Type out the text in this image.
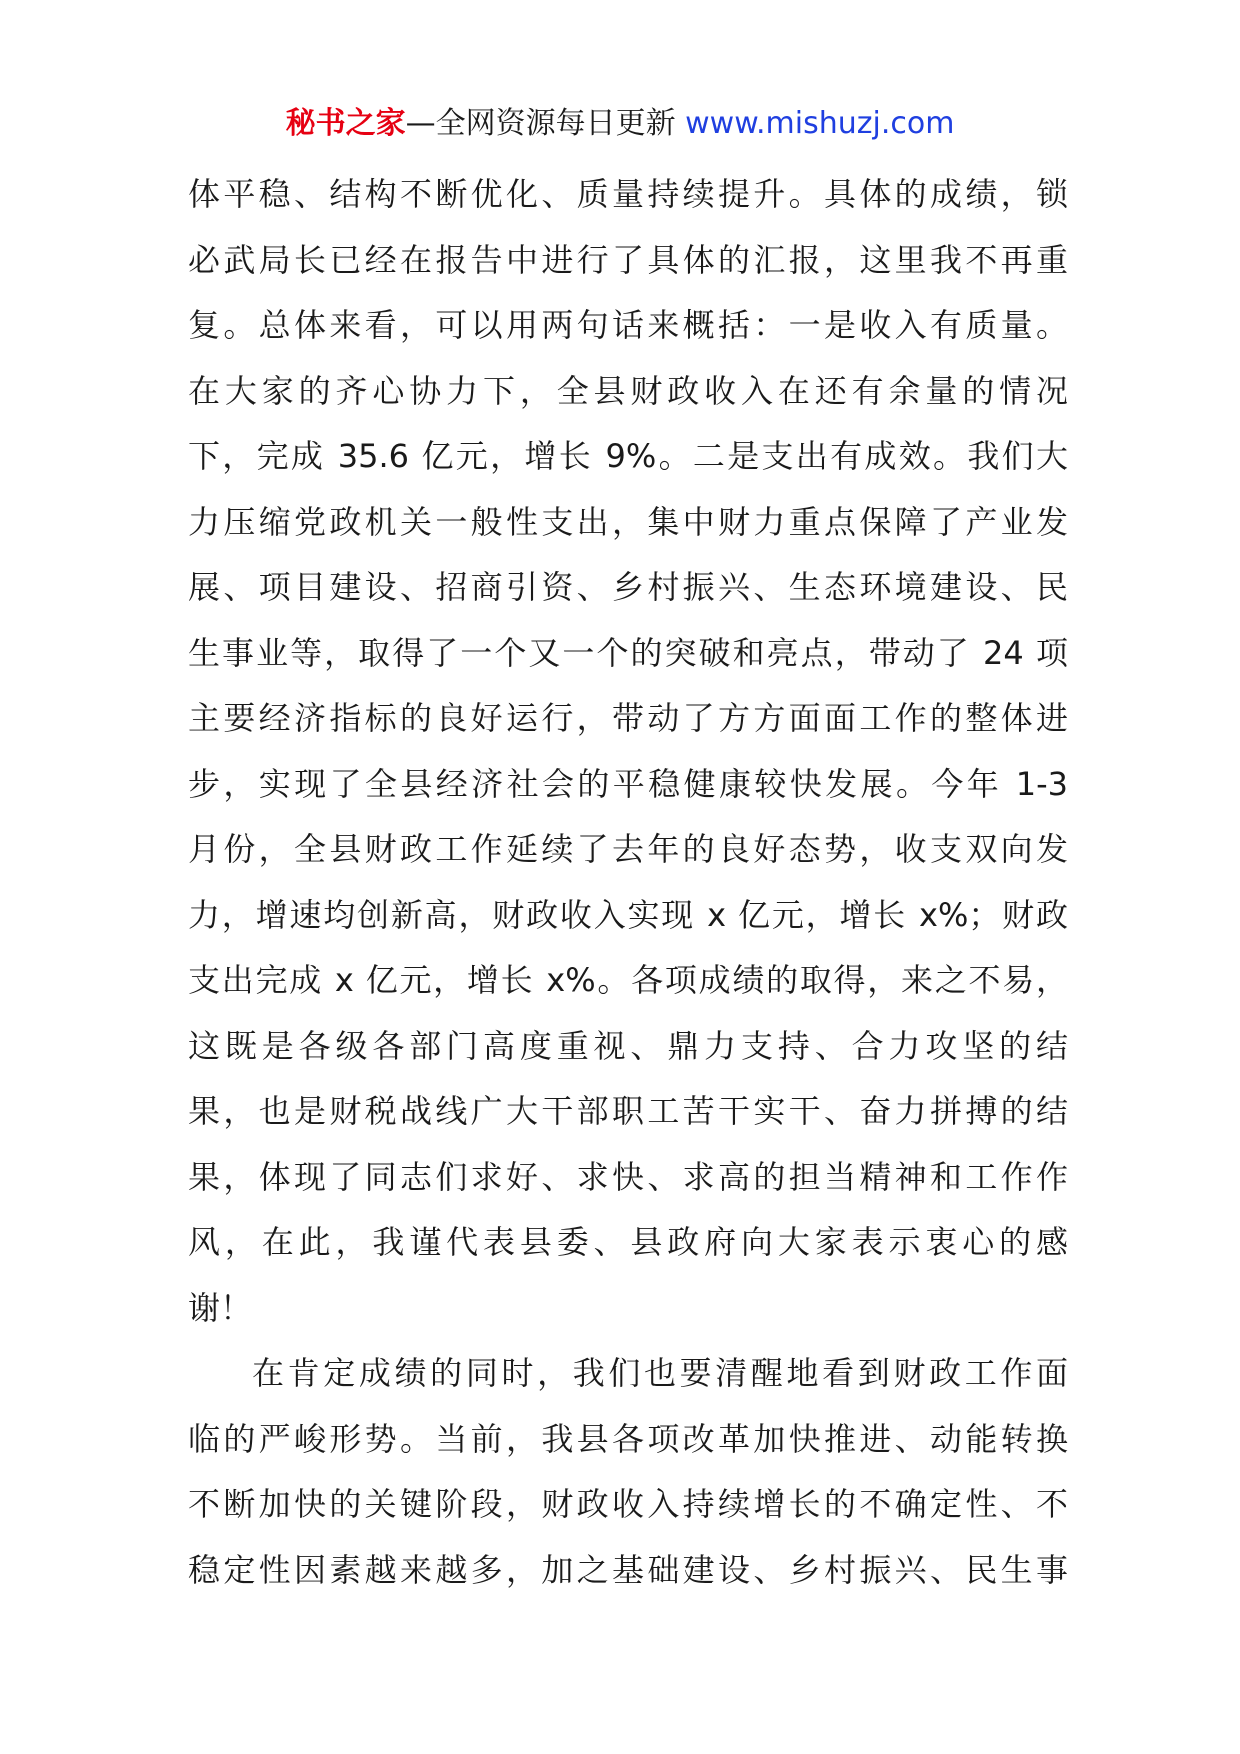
秘书之家—全网资源每日更新 www.mishuzj.com
体平稳、结构不断优化、质量持续提升。具体的成绩，锁
必武局长已经在报告中进行了具体的汇报，这里我不再重
复。总体来看，可以用两句话来概括：一是收入有质量。
在大家的齐心协力下，全县财政收入在还有余量的情况
下，完成 35.6 亿元，增长 9%。二是支出有成效。我们大
力压缩党政机关一般性支出，集中财力重点保障了产业发
展、项目建设、招商引资、乡村振兴、生态环境建设、民
生事业等，取得了一个又一个的突破和亮点，带动了 24 项
主要经济指标的良好运行，带动了方方面面工作的整体进
步，实现了全县经济社会的平稳健康较快发展。今年 1-3
月份，全县财政工作延续了去年的良好态势，收支双向发
力，增速均创新高，财政收入实现 x 亿元，增长 x%；财政
支出完成 x 亿元，增长 x%。各项成绩的取得，来之不易，
这既是各级各部门高度重视、鼎力支持、合力攻坚的结
果，也是财税战线广大干部职工苦干实干、奋力拼搏的结
果，体现了同志们求好、求快、求高的担当精神和工作作
风，在此，我谨代表县委、县政府向大家表示衷心的感
谢！
在肯定成绩的同时，我们也要清醒地看到财政工作面
临的严峻形势。当前，我县各项改革加快推进、动能转换
不断加快的关键阶段，财政收入持续增长的不确定性、不
稳定性因素越来越多，加之基础建设、乡村振兴、民生事
